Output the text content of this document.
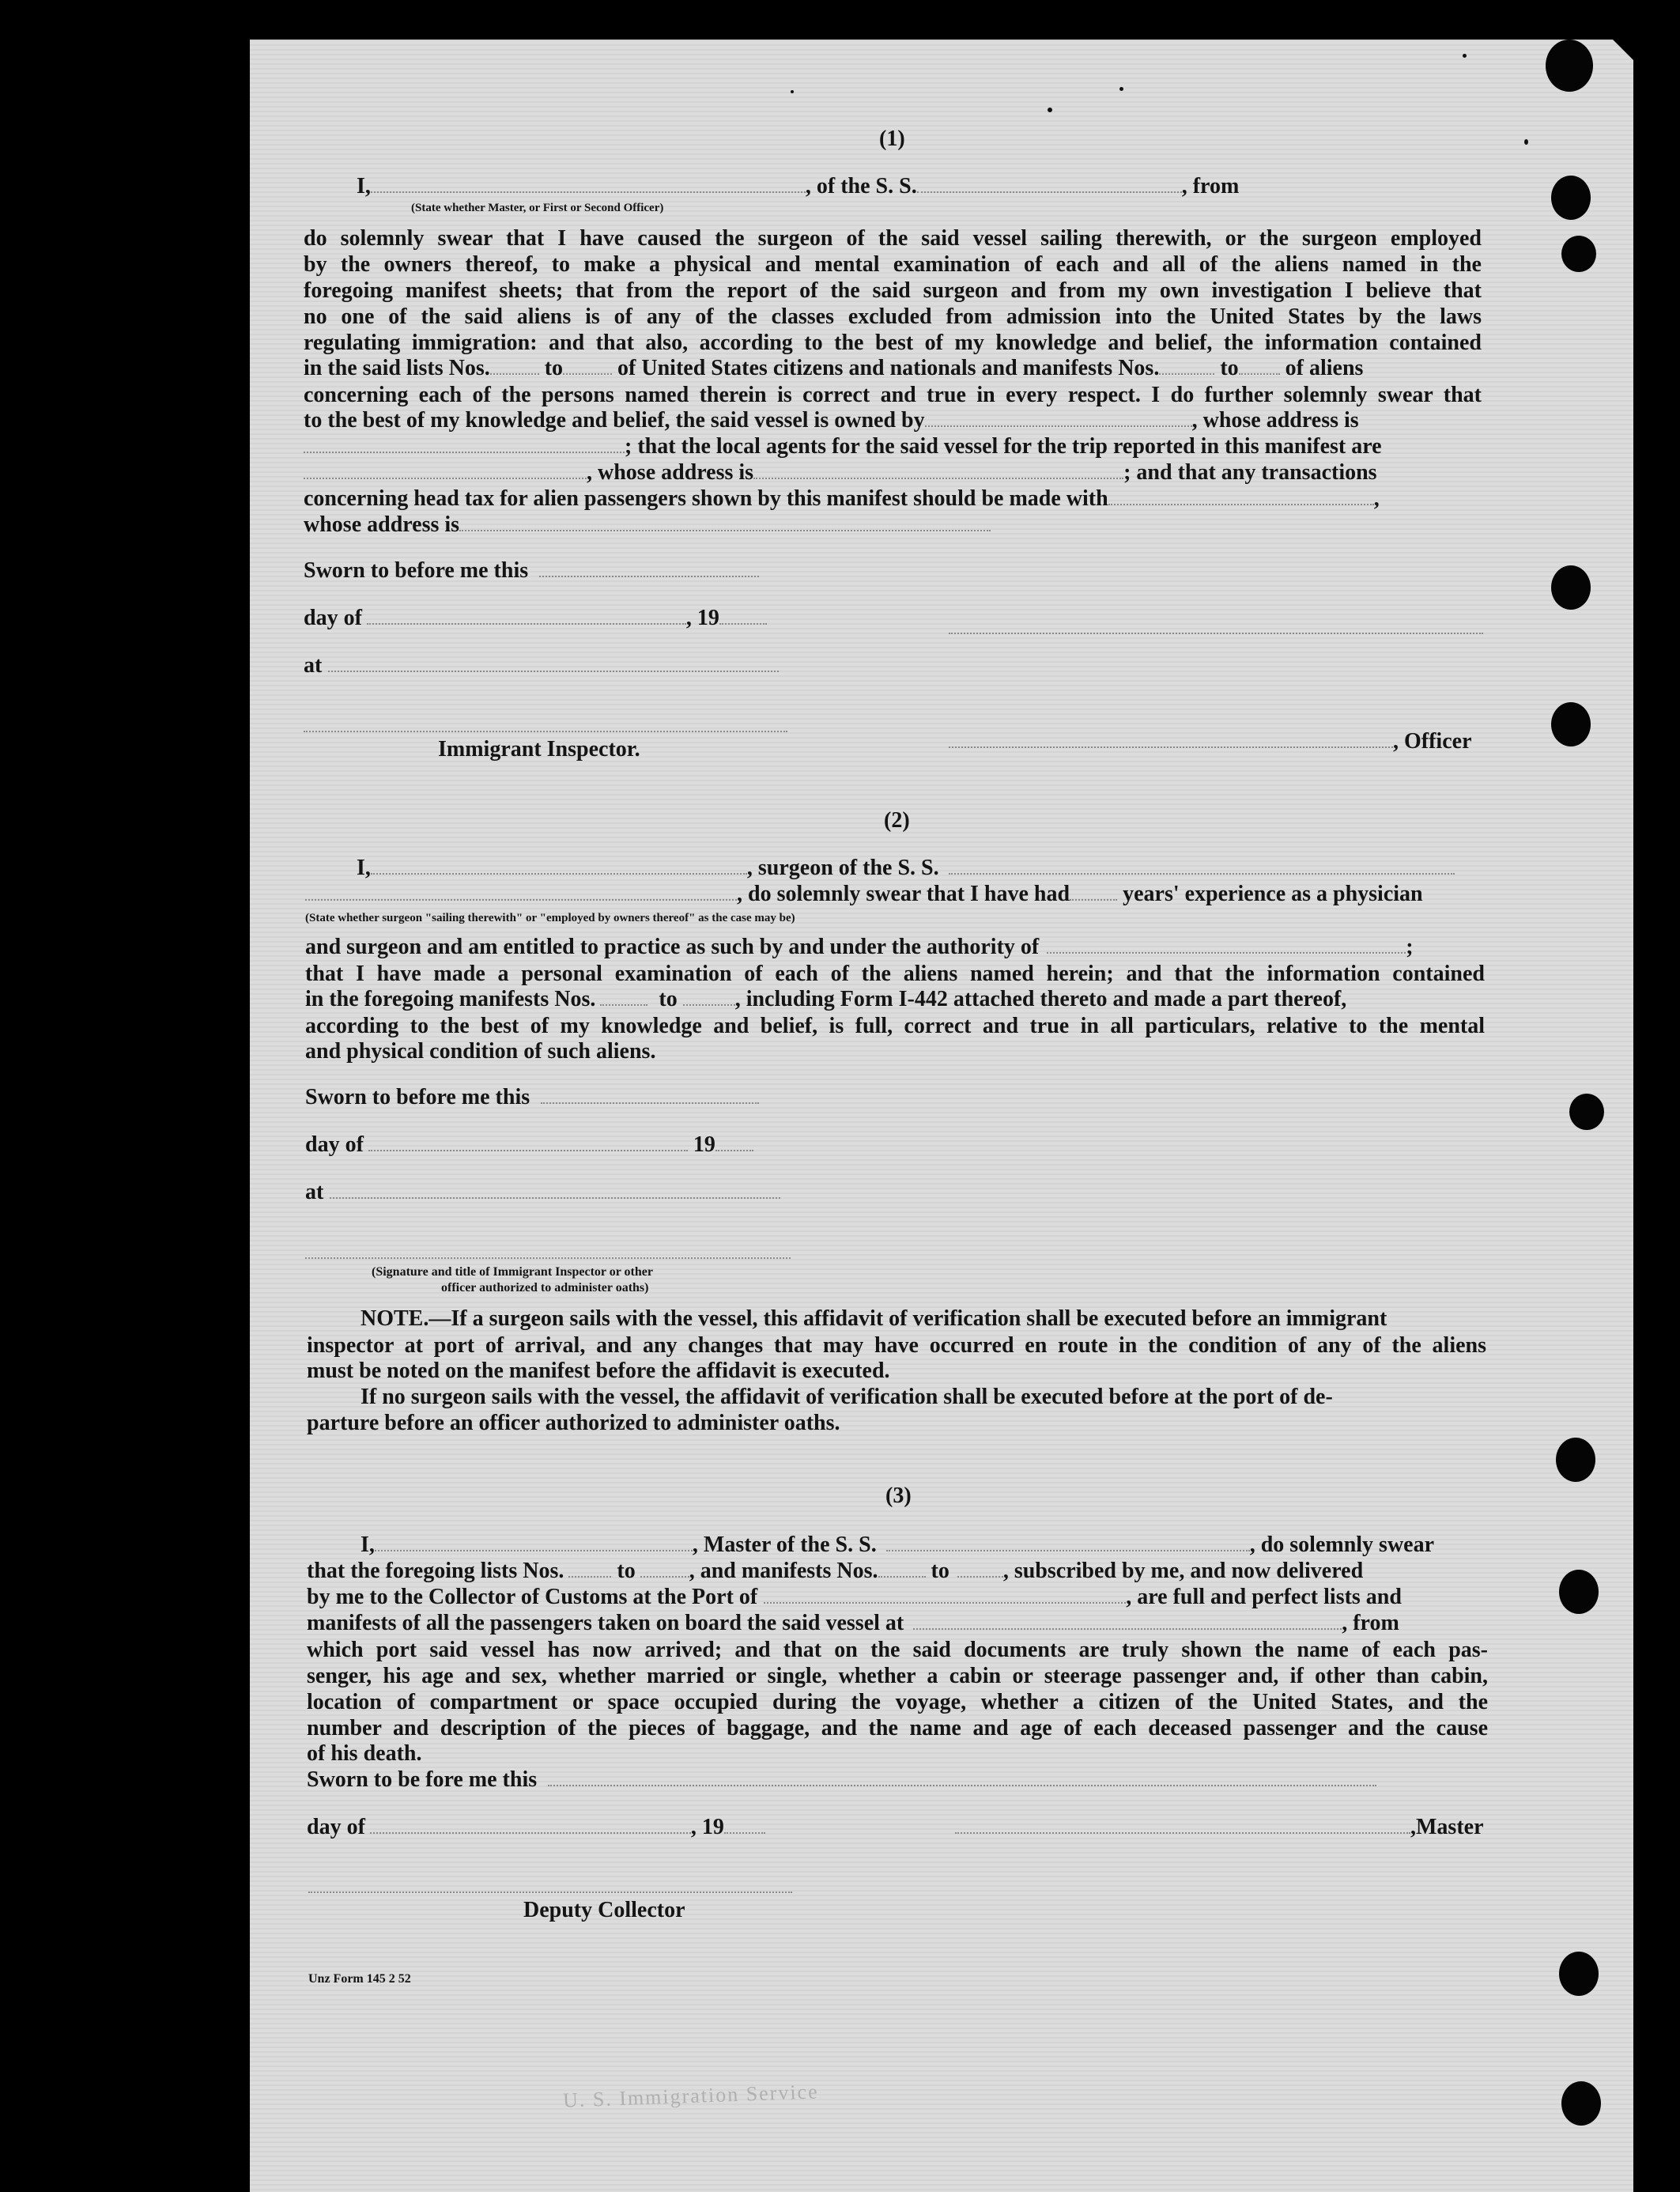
(1)
I,	, of the S. S.	, from
(State whether Master, or First or Second Officer)
do solemnly swear that I have caused the surgeon of the said vessel sailing therewith, or the surgeon employed
by the owners thereof, to make a physical and mental examination of each and all of the aliens named in the
foregoing manifest sheets; that from the report of the said surgeon and from my own investigation I believe that
no one of the said aliens is of any of the classes excluded from admission into the United States by the laws
regulating immigration: and that also, according to the best of my knowledge and belief, the information contained
in the said lists Nos. to of United States citizens and nationals and manifests Nos.	to of aliens
concerning each of the persons named therein is correct and true in every respect. I do further solemnly swear that
to the best of my knowledge and belief, the said vessel is owned by	, whose address is
; that the local agents for the said vessel for the trip reported in this manifest are
, whose address is	; and that any transactions
concerning head tax for alien passengers shown by this manifest should be made with	,
whose address is
Sworn to before me this
day of	, 19
at
Immigrant Inspector.	, Officer
(2)
I,	, surgeon of the S. S.
, do solemnly swear that I have had years' experience as a physician
(State whether surgeon "sailing therewith" or "employed by owners thereof" as the case may be)
and surgeon and am entitled to practice as such by and under the authority of	;
that I have made a personal examination of each of the aliens named herein; and that the information contained
in the foregoing manifests Nos.	to	, including Form I-442 attached thereto and made a part thereof,
according to the best of my knowledge and belief, is full, correct and true in all particulars, relative to the mental
and physical condition of such aliens.
Sworn to before me this
day of	19
at
(Signature and title of Immigrant Inspector or other
officer authorized to administer oaths)
NOTE.—If a surgeon sails with the vessel, this affidavit of verification shall be executed before an immigrant
inspector at port of arrival, and any changes that may have occurred en route in the condition of any of the aliens
must be noted on the manifest before the affidavit is executed.
If no surgeon sails with the vessel, the affidavit of verification shall be executed before at the port of de-
parture before an officer authorized to administer oaths.
(3)
I,	, Master of the S. S.	, do solemnly swear
that the foregoing lists Nos. to , and manifests Nos. to , subscribed by me, and now delivered
by me to the Collector of Customs at the Port of	, are full and perfect lists and
manifests of all the passengers taken on board the said vessel at	, from
which port said vessel has now arrived; and that on the said documents are truly shown the name of each pas-
senger, his age and sex, whether married or single, whether a cabin or steerage passenger and, if other than cabin,
location of compartment or space occupied during the voyage, whether a citizen of the United States, and the
number and description of the pieces of baggage, and the name and age of each deceased passenger and the cause
of his death.
Sworn to be fore me this
day of	, 19	,Master
Deputy Collector
Unz Form 145 2 52
U. S. Immigration Service
